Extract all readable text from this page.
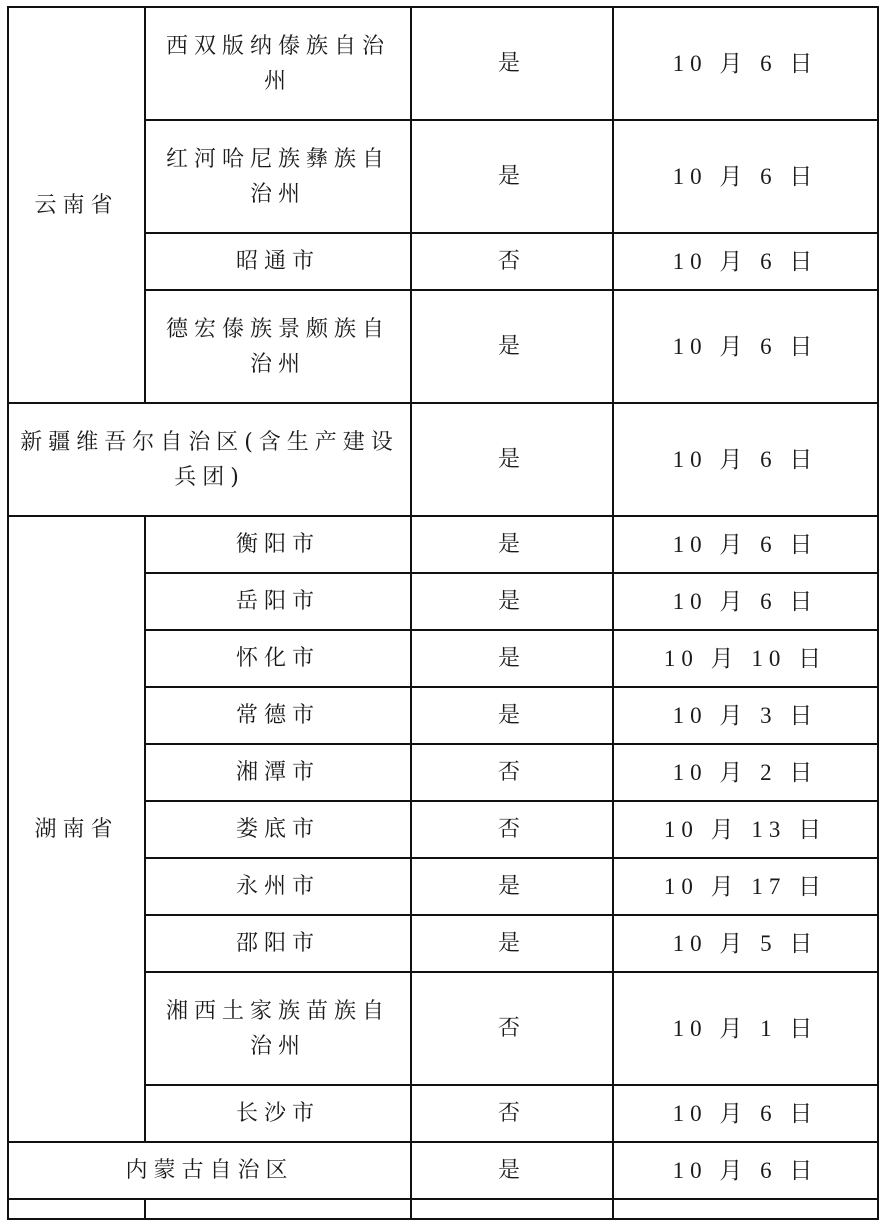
云南省	西双版纳傣族自治州	是	10 月 6 日
	红河哈尼族彝族自治州	是	10 月 6 日
	昭通市	否	10 月 6 日
	德宏傣族景颇族自治州	是	10 月 6 日
新疆维吾尔自治区(含生产建设兵团)		是	10 月 6 日
湖南省	衡阳市	是	10 月 6 日
	岳阳市	是	10 月 6 日
	怀化市	是	10 月 10 日
	常德市	是	10 月 3 日
	湘潭市	否	10 月 2 日
	娄底市	否	10 月 13 日
	永州市	是	10 月 17 日
	邵阳市	是	10 月 5 日
	湘西土家族苗族自治州	否	10 月 1 日
	长沙市	否	10 月 6 日
内蒙古自治区		是	10 月 6 日
